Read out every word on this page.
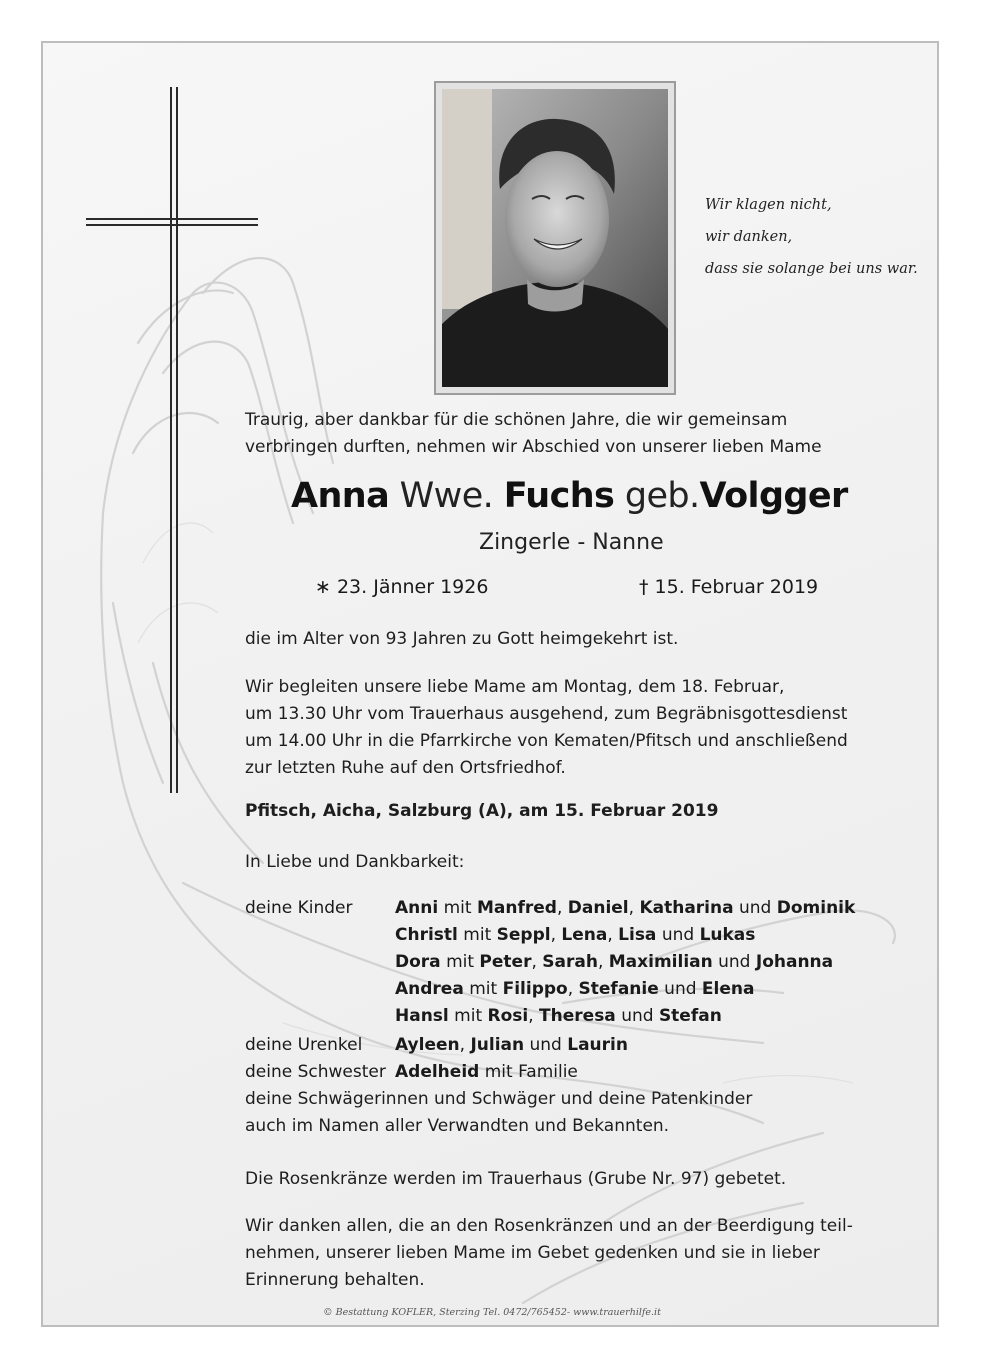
Wir klagen nicht,
wir danken,
dass sie solange bei uns war.
Traurig, aber dankbar für die schönen Jahre, die wir gemeinsam
verbringen durften, nehmen wir Abschied von unserer lieben Mame
Anna Wwe. Fuchs geb.Volgger
Zingerle - Nanne
∗ 23. Jänner 1926	† 15. Februar 2019
die im Alter von 93 Jahren zu Gott heimgekehrt ist.
Wir begleiten unsere liebe Mame am Montag, dem 18. Februar,
um 13.30 Uhr vom Trauerhaus ausgehend, zum Begräbnisgottesdienst
um 14.00 Uhr in die Pfarrkirche von Kematen/Pfitsch und anschließend
zur letzten Ruhe auf den Ortsfriedhof.
Pfitsch, Aicha, Salzburg (A), am 15. Februar 2019
In Liebe und Dankbarkeit:
deine Kinder	Anni mit Manfred, Daniel, Katharina und Dominik
Christl mit Seppl, Lena, Lisa und Lukas
Dora mit Peter, Sarah, Maximilian und Johanna
Andrea mit Filippo, Stefanie und Elena
Hansl mit Rosi, Theresa und Stefan
deine Urenkel Ayleen, Julian und Laurin
deine Schwester Adelheid mit Familie
deine Schwägerinnen und Schwäger und deine Patenkinder
auch im Namen aller Verwandten und Bekannten.
Die Rosenkränze werden im Trauerhaus (Grube Nr. 97) gebetet.
Wir danken allen, die an den Rosenkränzen und an der Beerdigung teil-
nehmen, unserer lieben Mame im Gebet gedenken und sie in lieber
Erinnerung behalten.
© Bestattung KOFLER, Sterzing Tel. 0472/765452- www.trauerhilfe.it
